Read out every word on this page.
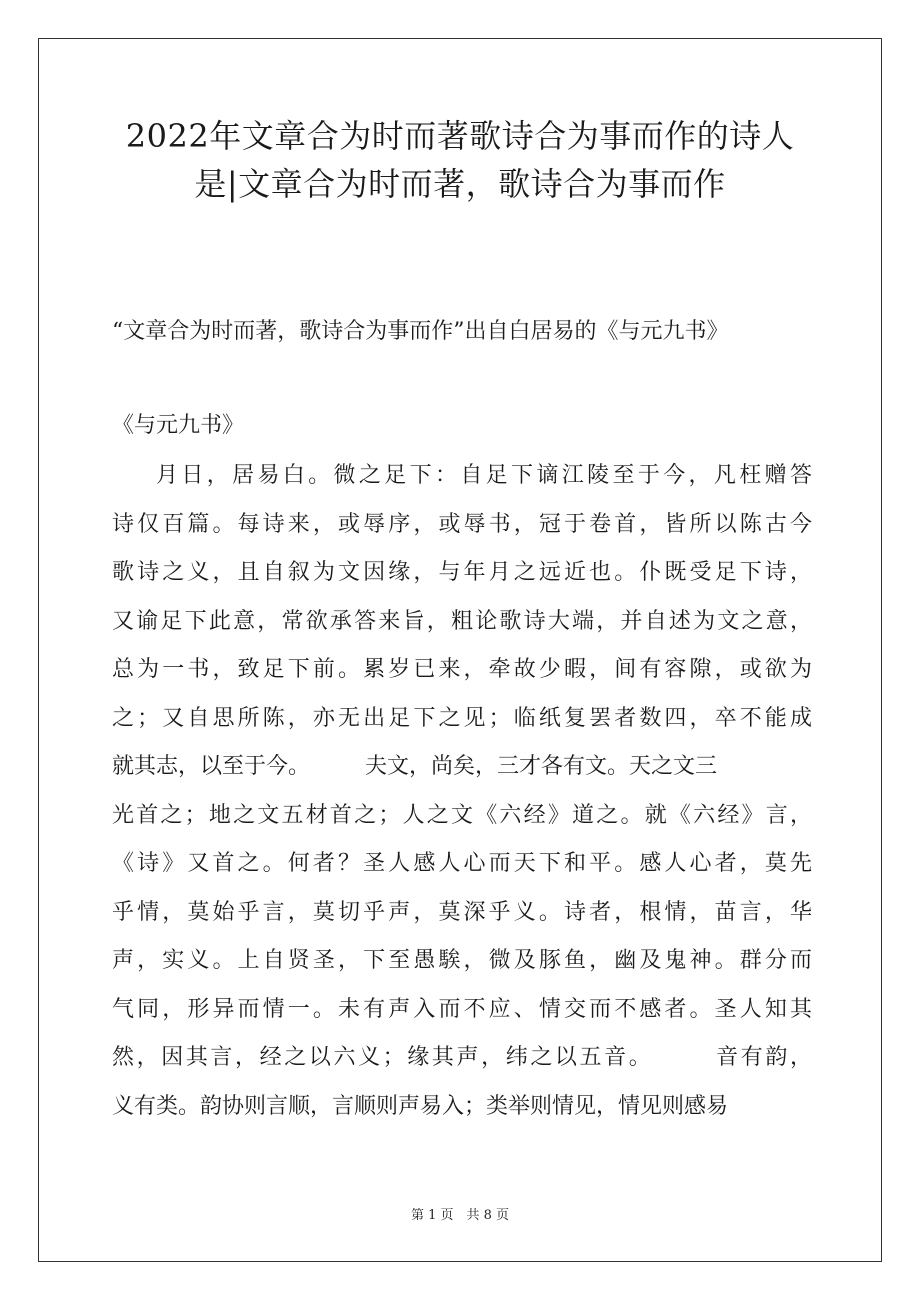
2022年文章合为时而著歌诗合为事而作的诗人
是|文章合为时而著，歌诗合为事而作

“文章合为时而著，歌诗合为事而作”出自白居易的《与元九书》

《与元九书》

月日，居易白。微之足下：自足下谪江陵至于今，凡枉赠答
诗仅百篇。每诗来，或辱序，或辱书，冠于卷首，皆所以陈古今
歌诗之义，且自叙为文因缘，与年月之远近也。仆既受足下诗，
又谕足下此意，常欲承答来旨，粗论歌诗大端，并自述为文之意，
总为一书，致足下前。累岁已来，牵故少暇，间有容隙，或欲为
之；又自思所陈，亦无出足下之见；临纸复罢者数四，卒不能成
就其志，以至于今。　　　夫文，尚矣，三才各有文。天之文三
光首之；地之文五材首之；人之文《六经》道之。就《六经》言，
《诗》又首之。何者？圣人感人心而天下和平。感人心者，莫先
乎情，莫始乎言，莫切乎声，莫深乎义。诗者，根情，苗言，华
声，实义。上自贤圣，下至愚騃，微及豚鱼，幽及鬼神。群分而
气同，形异而情一。未有声入而不应、情交而不感者。圣人知其
然，因其言，经之以六义；缘其声，纬之以五音。　　　音有韵，
义有类。韵协则言顺，言顺则声易入；类举则情见，情见则感易
第 1 页　共 8 页
